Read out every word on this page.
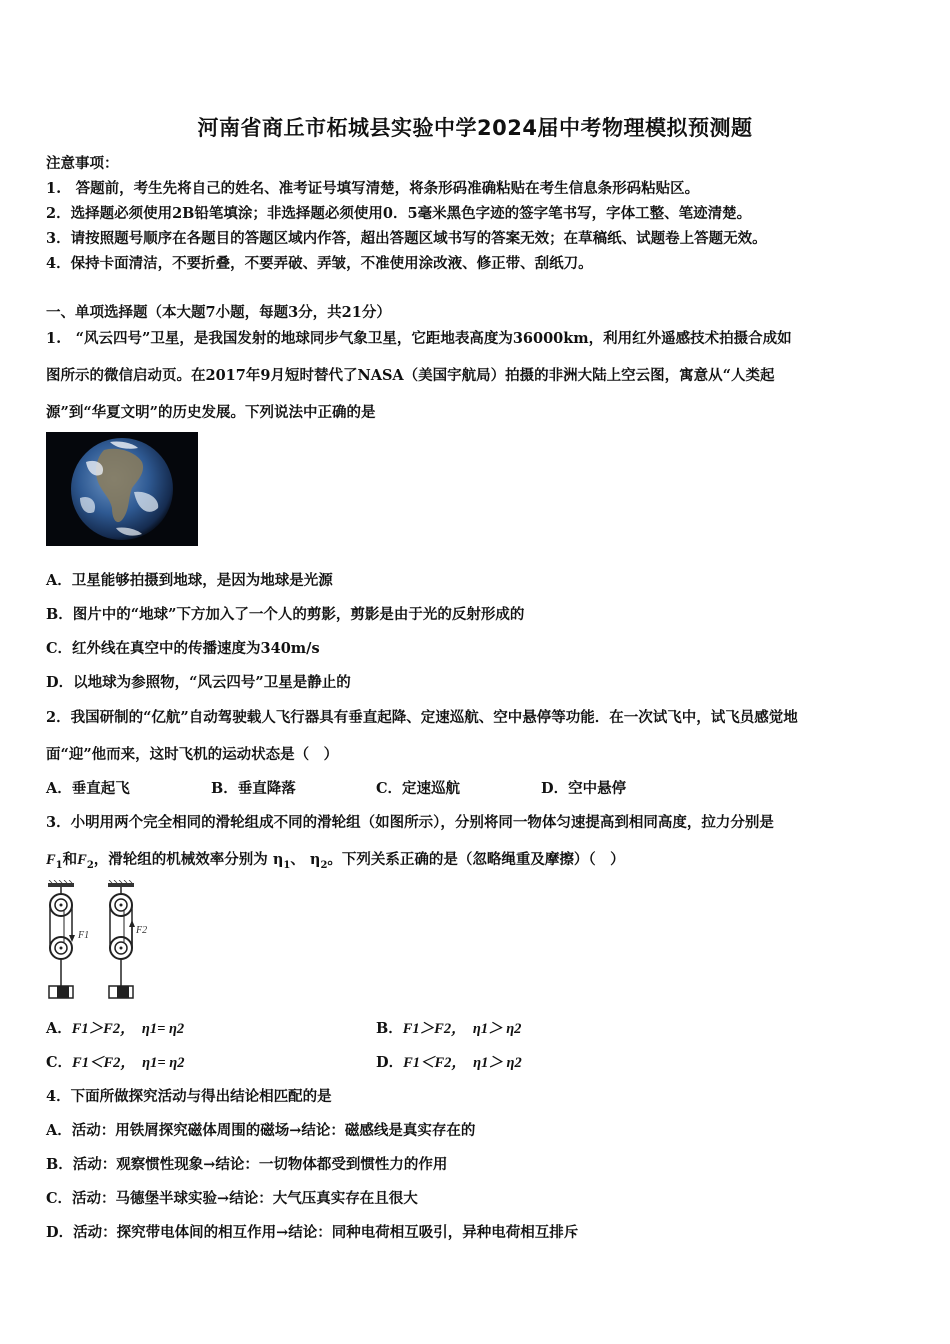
河南省商丘市柘城县实验中学2024届中考物理模拟预测题
注意事项：
1.　答题前，考生先将自己的姓名、准考证号填写清楚，将条形码准确粘贴在考生信息条形码粘贴区。
2．选择题必须使用2B铅笔填涂；非选择题必须使用0．5毫米黑色字迹的签字笔书写，字体工整、笔迹清楚。
3．请按照题号顺序在各题目的答题区域内作答，超出答题区域书写的答案无效；在草稿纸、试题卷上答题无效。
4．保持卡面清洁，不要折叠，不要弄破、弄皱，不准使用涂改液、修正带、刮纸刀。
一、单项选择题（本大题7小题，每题3分，共21分）
1.　“风云四号”卫星，是我国发射的地球同步气象卫星，它距地表高度为36000km，利用红外遥感技术拍摄合成如
图所示的微信启动页。在2017年9月短时替代了NASA（美国宇航局）拍摄的非洲大陆上空云图，寓意从“人类起
源”到“华夏文明”的历史发展。下列说法中正确的是
A．卫星能够拍摄到地球，是因为地球是光源
B．图片中的“地球”下方加入了一个人的剪影，剪影是由于光的反射形成的
C．红外线在真空中的传播速度为340m/s
D．以地球为参照物，“风云四号”卫星是静止的
2．我国研制的“亿航”自动驾驶载人飞行器具有垂直起降、定速巡航、空中悬停等功能．在一次试飞中，试飞员感觉地
面“迎”他而来，这时飞机的运动状态是（　）
A．垂直起飞	B．垂直降落	C．定速巡航	D．空中悬停
3．小明用两个完全相同的滑轮组成不同的滑轮组（如图所示），分别将同一物体匀速提高到相同高度，拉力分别是
$F_1$和$F_2$，滑轮组的机械效率分别为 $\eta_1$、 $\eta_2$。下列关系正确的是（忽略绳重及摩擦）（　）
F1	F2
A．F1＞F2，　 η1= η2	B．F1＞F2，　 η1＞ η2
C．F1＜F2，　 η1= η2	D．F1＜F2，　 η1＞ η2
4．下面所做探究活动与得出结论相匹配的是
A．活动：用铁屑探究磁体周围的磁场→结论：磁感线是真实存在的
B．活动：观察惯性现象→结论：一切物体都受到惯性力的作用
C．活动：马德堡半球实验→结论：大气压真实存在且很大
D．活动：探究带电体间的相互作用→结论：同种电荷相互吸引，异种电荷相互排斥
